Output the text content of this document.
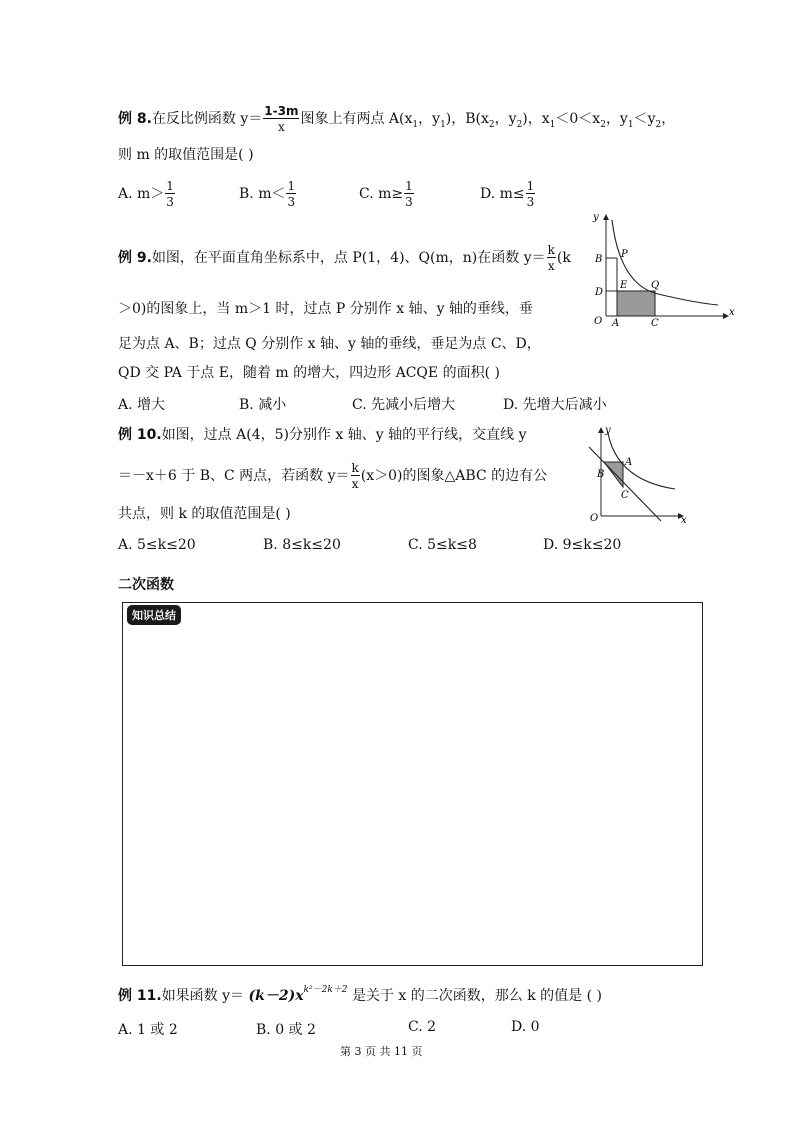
例 8.在反比例函数 $y= \frac{1-3m}{x}$ 图象上有两点 $A(x_1$，$y_1$)，$B(x_2$，$y_2$)，$x_1<0<x_2$，$y_1<y_2$，
则 m 的取值范围是( )
A. $m> \frac{1}{3}$	B. $m< \frac{1}{3}$	C. $m\ge \frac{1}{3}$	D. $m\le \frac{1}{3}$
例 9.如图，在平面直角坐标系中，点 P(1，4)、Q(m，n)在函数 $y= \frac{k}{x} (k$
＞0)的图象上，当 m＞1 时，过点 P 分别作 x 轴、y 轴的垂线，垂
足为点 A、B；过点 Q 分别作 x 轴、y 轴的垂线，垂足为点 C、D，
QD 交 PA 于点 E，随着 m 的增大，四边形 ACQE 的面积( )
A. 增大	B. 减小	C. 先减小后增大	D. 先增大后减小
y
x
O A	C
B
D
P
E Q
例 10.如图，过点 A(4，5)分别作 x 轴、y 轴的平行线，交直线 y
＝－x＋6 于 B、C 两点，若函数 $y= \frac{k}{x} (x>0)$的图象△ABC 的边有公
共点，则 k 的取值范围是( )
A. 5≤k≤20	B. 8≤k≤20	C. 5≤k≤8	D. 9≤k≤20
y
x
O
A
B
C
二次函数
知识总结
例 11.如果函数 $y= (k-2)x^{k^2-2k+2}$ 是关于 x 的二次函数，那么 k 的值是 ( )
A. 1 或 2	B. 0 或 2	C. 2	D. 0
第 3 页 共 11 页
